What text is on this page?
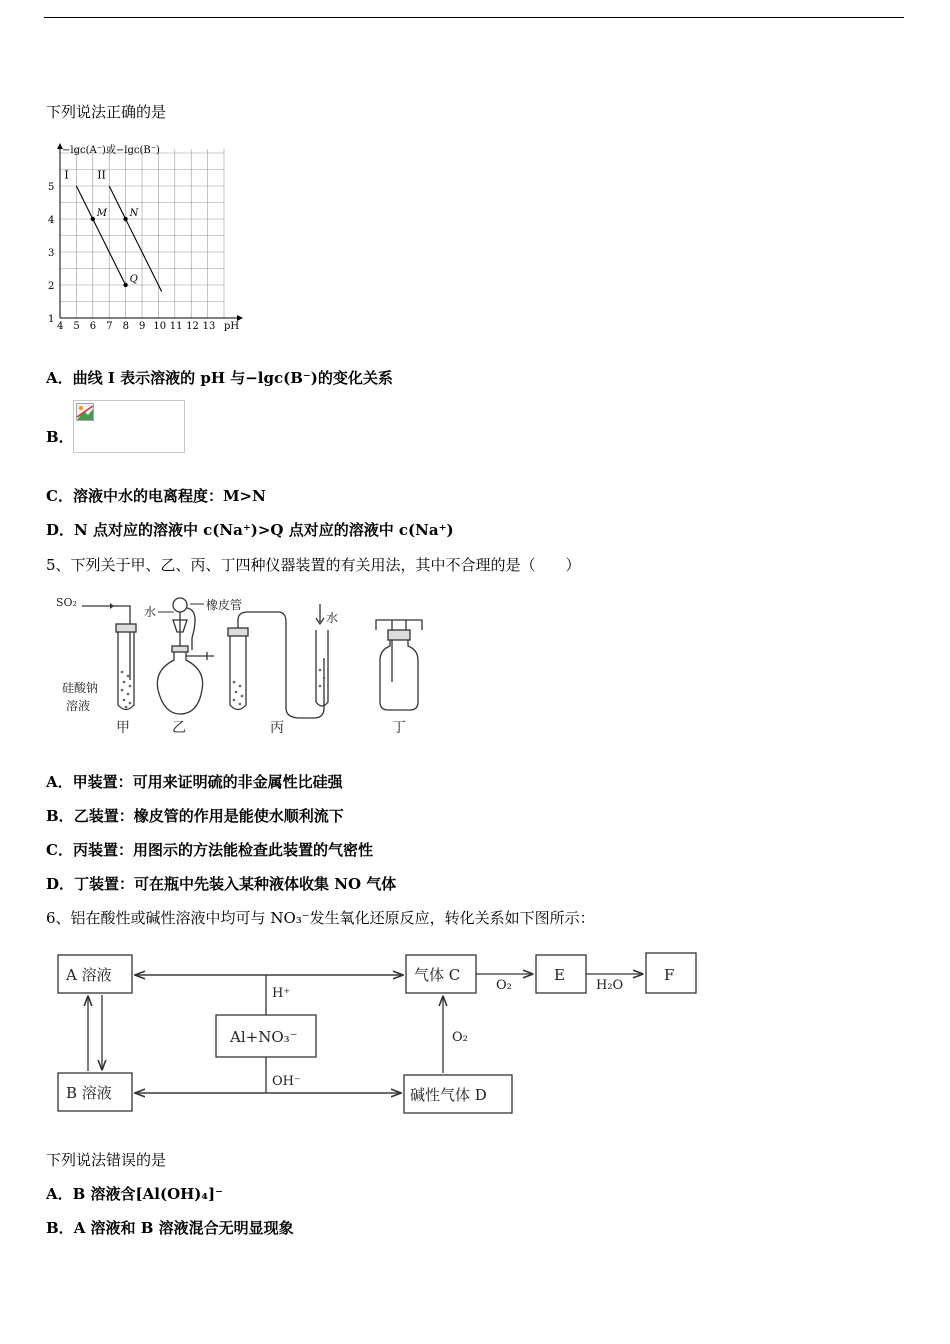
下列说法正确的是
−lgc(A⁻)或−lgc(B⁻)
pH
4 5 6 7 8 9 10 11 12 13
1
2
3
4
5
I	II
M N
Q
A．曲线 I 表示溶液的 pH 与−lgc(B⁻)的变化关系
B．
C．溶液中水的电离程度：M>N
D．N 点对应的溶液中 c(Na⁺)>Q 点对应的溶液中 c(Na⁺)
5、下列关于甲、乙、丙、丁四种仪器装置的有关用法，其中不合理的是（　　）
SO₂
水	橡皮管
水
硅酸钠
溶液
甲	乙	丙	丁
A．甲装置：可用来证明硫的非金属性比硅强
B．乙装置：橡皮管的作用是能使水顺利流下
C．丙装置：用图示的方法能检查此装置的气密性
D．丁装置：可在瓶中先装入某种液体收集 NO 气体
6、铝在酸性或碱性溶液中均可与 NO₃⁻发生氧化还原反应，转化关系如下图所示：
A 溶液
B 溶液
Al+NO₃⁻
气体 C	E	F
碱性气体 D
H⁺
OH⁻
O₂	H₂O
O₂
下列说法错误的是
A．B 溶液含[Al(OH)₄]⁻
B．A 溶液和 B 溶液混合无明显现象
